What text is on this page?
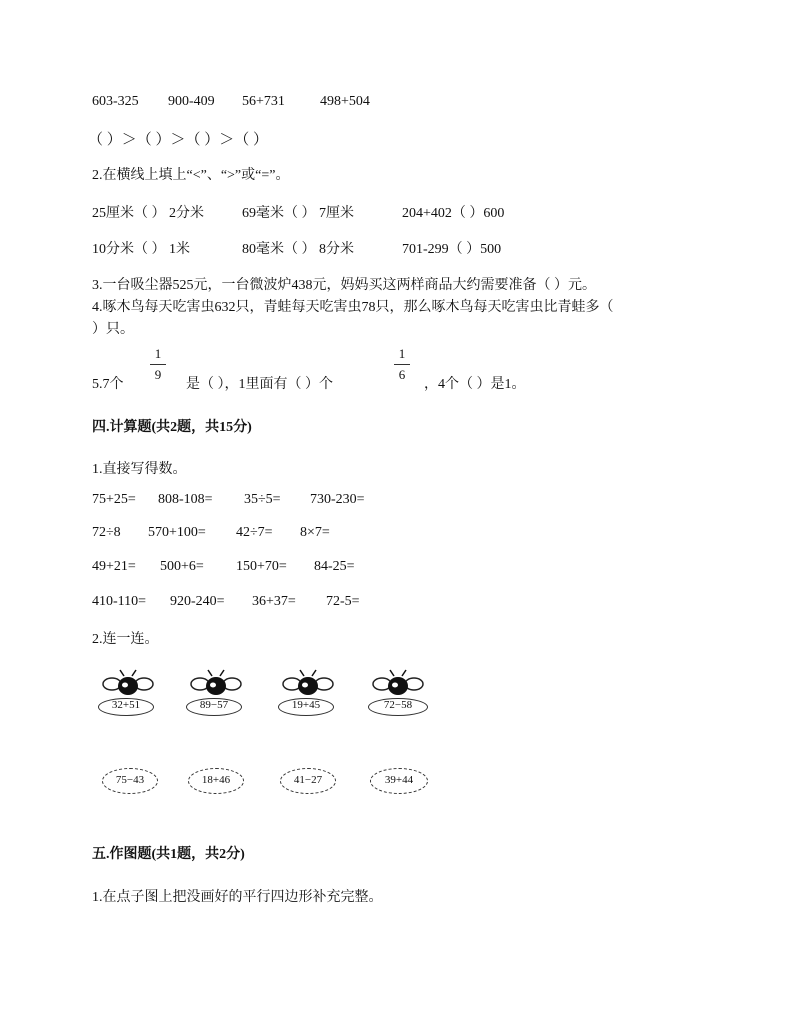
603-325 900-409 56+731	498+504
（ ）＞（ ）＞（ ）＞（ ）
2.在横线上填上“<”、“>”或“=”。
25厘米（ ） 2分米	69毫米（ ） 7厘米	204+402（ ）600
10分米（ ） 1米	80毫米（ ） 8分米	701-299（ ）500
3.一台吸尘器525元，一台微波炉438元，妈妈买这两样商品大约需要准备（ ）元。
4.啄木鸟每天吃害虫632只，青蛙每天吃害虫78只，那么啄木鸟每天吃害虫比青蛙多（
）只。
5.7个
1
9
是（ ），1里面有（ ）个
1
6
，4个（ ）是1。
四.计算题(共2题，共15分)
1.直接写得数。
75+25= 808-108= 35÷5= 730-230=
72÷8 570+100= 42÷7= 8×7=
49+21= 500+6= 150+70= 84-25=
410-110= 920-240= 36+37= 72-5=
2.连一连。
32+51	89−57	19+45	72−58
75−43	18+46	41−27	39+44
五.作图题(共1题，共2分)
1.在点子图上把没画好的平行四边形补充完整。
